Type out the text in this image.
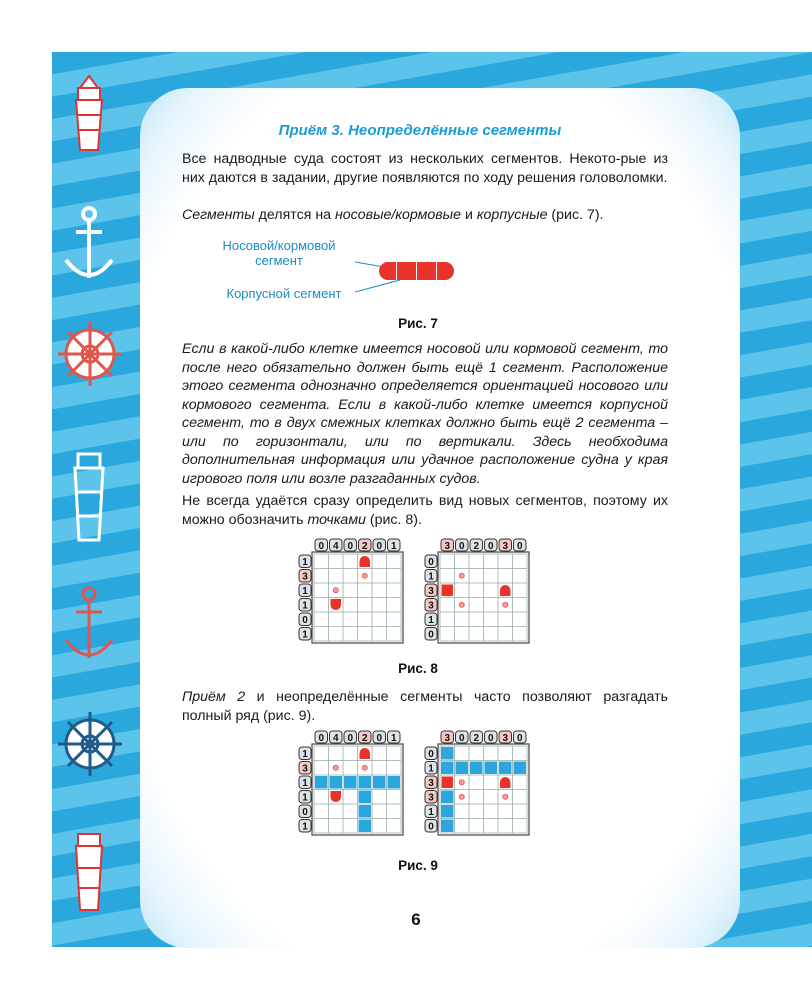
Приём 3. Неопределённые сегменты
Все надводные суда состоят из нескольких сегментов. Некото-рые из них даются в задании, другие появляются по ходу решения головоломки.
Сегменты делятся на носовые/кормовые и корпусные (рис. 7).
Носовой/кормовой сегмент
Корпусной сегмент
Рис. 7
Если в какой-либо клетке имеется носовой или кормовой сегмент, то после него обязательно должен быть ещё 1 сегмент. Расположение этого сегмента однозначно определяется ориентацией носового или кормового сегмента. Если в какой-либо клетке имеется корпусной сегмент, то в двух смежных клетках должно быть ещё 2 сегмента – или по горизонтали, или по вертикали. Здесь необходима дополнительная информация или удачное расположение судна у края игрового поля или возле разгаданных судов.
Не всегда удаётся сразу определить вид новых сегментов, поэтому их можно обозначить точками (рис. 8).
0 4 0 2 0 1
1
3
1
1
0
1
3 0 2 0 3 0
0
1
3
3
1
0
Рис. 8
Приём 2 и неопределённые сегменты часто позволяют разгадать полный ряд (рис. 9).
0 4 0 2 0 1
1
3
1
1
0
1
3 0 2 0 3 0
0
1
3
3
1
0
Рис. 9
6
